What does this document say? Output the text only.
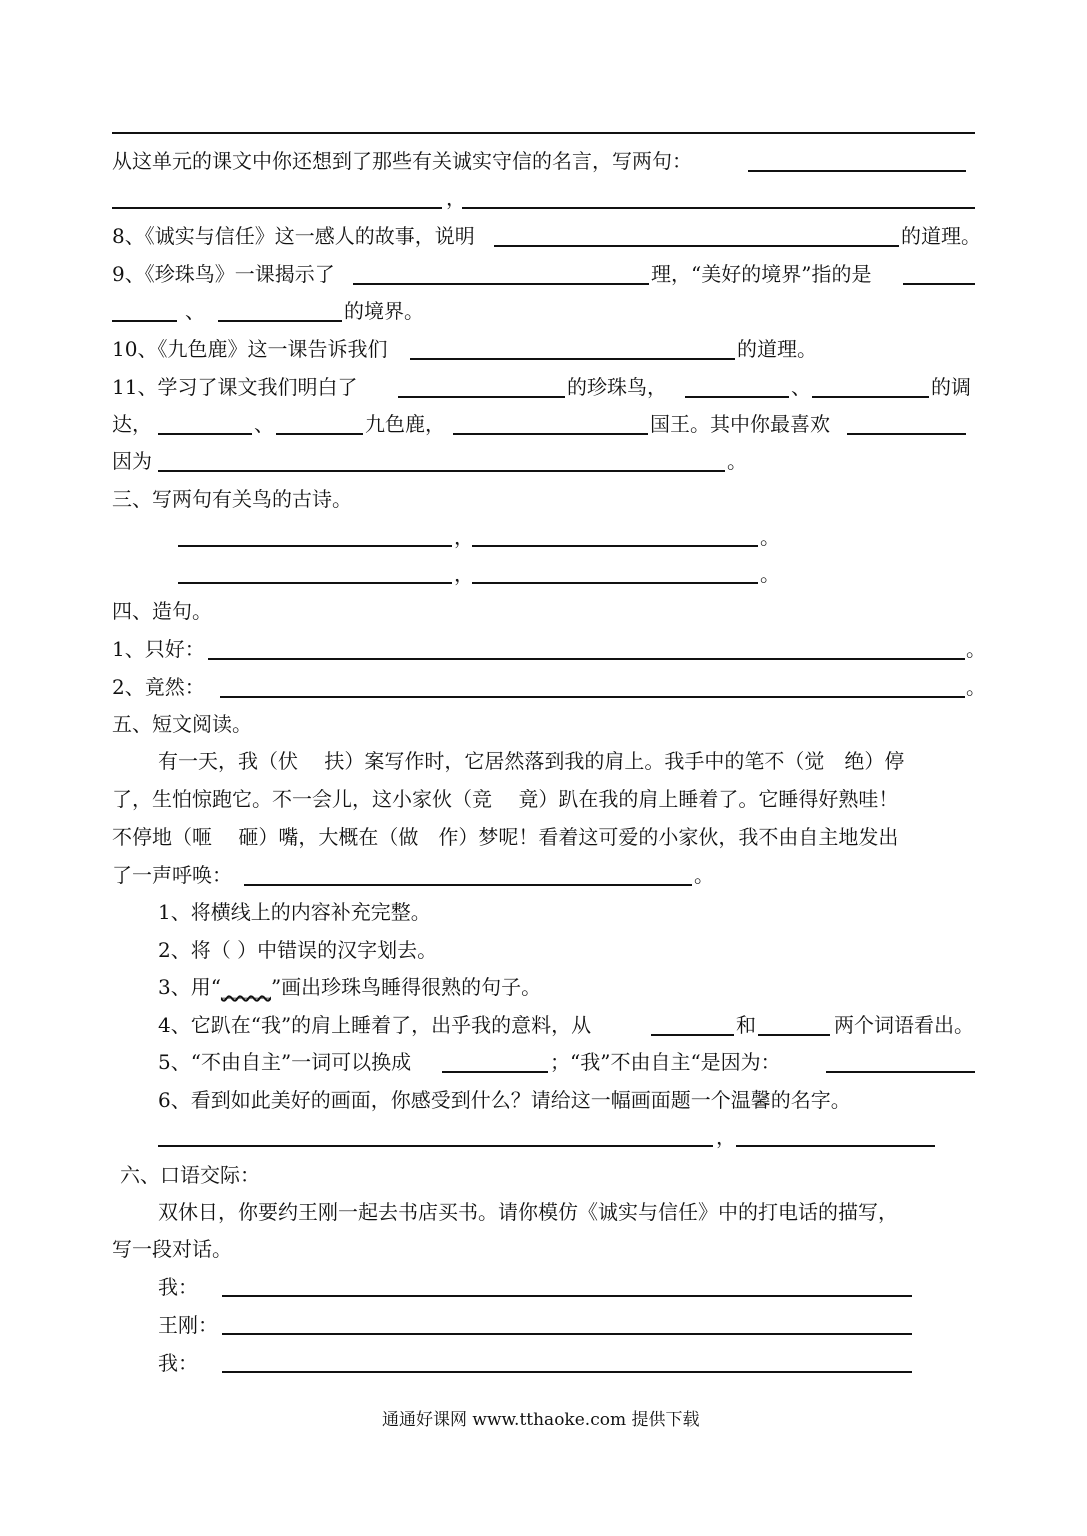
从这单元的课文中你还想到了那些有关诚实守信的名言，写两句：
，
8、《诚实与信任》这一感人的故事，说明	的道理。
9、《珍珠鸟》一课揭示了	理，“美好的境界”指的是
、	的境界。
10、《九色鹿》这一课告诉我们	的道理。
11、学习了课文我们明白了	的珍珠鸟，	、	的调
达，	、	九色鹿，	国王。其中你最喜欢
因为	。
三、写两句有关鸟的古诗。
，	。
，	。
四、造句。
1、只好：	。
2、竟然：	。
五、短文阅读。
有一天，我（伏　 扶）案写作时，它居然落到我的肩上。我手中的笔不（觉　绝）停
了，生怕惊跑它。不一会儿，这小家伙（竞　 竟）趴在我的肩上睡着了。它睡得好熟哇！
不停地（咂　 砸）嘴，大概在（做　作）梦呢！看着这可爱的小家伙，我不由自主地发出
了一声呼唤：	。
1、将横线上的内容补充完整。
2、将（ ）中错误的汉字划去。
3、用“_____”画出珍珠鸟睡得很熟的句子。
4、它趴在“我”的肩上睡着了，出乎我的意料，从	和	两个词语看出。
5、“不由自主”一词可以换成	；“我”不由自主“是因为：
6、看到如此美好的画面，你感受到什么？请给这一幅画面题一个温馨的名字。
，
六、口语交际：
双休日，你要约王刚一起去书店买书。请你模仿《诚实与信任》中的打电话的描写，
写一段对话。
我：
王刚：
我：
通通好课网 www.tthaoke.com 提供下载
